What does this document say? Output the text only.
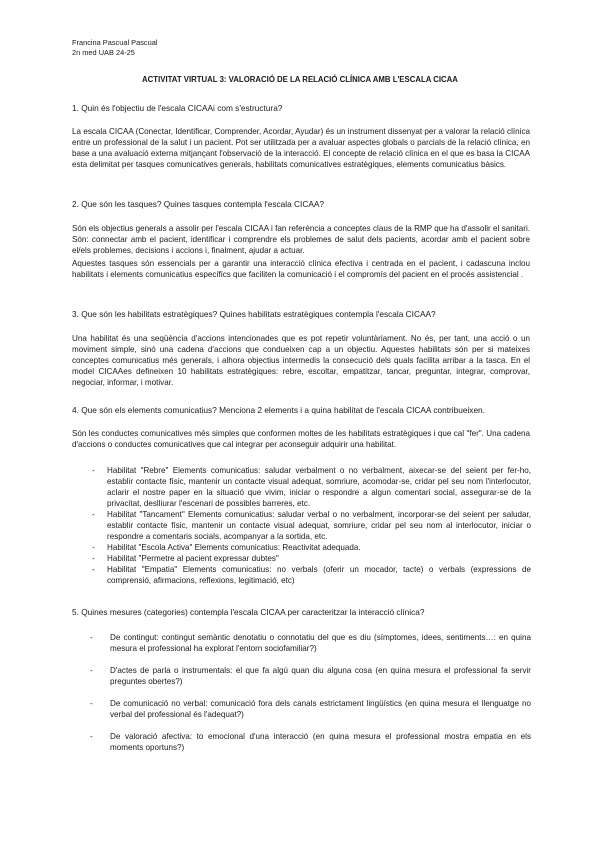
Francina Pascual Pascual
2n med UAB 24-25
ACTIVITAT VIRTUAL 3: VALORACIÓ DE LA RELACIÓ CLÍNICA AMB L'ESCALA CICAA
1. Quin és l'objectiu de l'escala CICAAi com s'estructura?
La escala CICAA (Conectar, Identificar, Comprender, Acordar, Ayudar) és un instrument dissenyat per a valorar la relació clínica entre un professional de la salut i un pacient. Pot ser utilitzada per a avaluar aspectes globals o parcials de la relació clínica, en base a una avaluació externa mitjançant l'observació de la interacció. El concepte de relació clínica en el que es basa la CICAA esta delimitat per tasques comunicatives generals, habilitats comunicatives estratègiques, elements comunicatius bàsics.
2. Que són les tasques? Quines tasques contempla l'escala CICAA?
Són els objectius generals a assolir per l'escala CICAA i fan referència a conceptes claus de la RMP que ha d'assolir el sanitari. Són: connectar amb el pacient, identificar i comprendre els problemes de salut dels pacients, acordar amb el pacient sobre el/els problemes, decisions i accions i, finalment, ajudar a actuar.
Aquestes tasques són essencials per a garantir una interacció clínica efectiva i centrada en el pacient, i cadascuna inclou habilitats i elements comunicatius específics que faciliten la comunicació i el compromís del pacient en el procés assistencial .
3. Que són les habilitats estratègiques? Quines habilitats estratègiques contempla l'escala CICAA?
Una habilitat és una seqüència d'accions intencionades que es pot repetir voluntàriament. No és, per tant, una acció o un moviment simple, sinó una cadena d'accions que condueixen cap a un objectiu. Aquestes habilitats són per si mateixes conceptes comunicatius més generals, i alhora objectius intermedis la consecució dels quals facilita arribar a la tasca. En el model CICAAes defineixen 10 habilitats estratègiques: rebre, escoltar, empatitzar, tancar, preguntar, integrar, comprovar, negociar, informar, i motivar.
4. Que són els elements comunicatius? Menciona 2 elements i a quina habilitat de l'escala CICAA contribueixen.
Són les conductes comunicatives més simples que conformen moltes de les habilitats estratègiques i que cal "fer". Una cadena d'accions o conductes comunicatives que cal integrar per aconseguir adquirir una habilitat.
- Habilitat "Rebre" Elements comunicatius: saludar verbalment o no verbalment, aixecar-se del seient per fer-ho, establir contacte físic, mantenir un contacte visual adequat, somriure, acomodar-se, cridar pel seu nom l'interlocutor, aclarir el nostre paper en la situació que vivim, iniciar o respondre a algun comentari social, assegurar-se de la privacitat, deslliurar l'escenari de possibles barreres, etc.
- Habilitat "Tancament" Elements comunicatius: saludar verbal o no verbalment, incorporar-se del seient per saludar, establir contacte físic, mantenir un contacte visual adequat, somriure, cridar pel seu nom al interlocutor, iniciar o respondre a comentaris socials, acompanyar a la sortida, etc.
- Habilitat "Escola Activa" Elements comunicatius: Reactivitat adequada.
- Habilitat "Permetre al pacient expressar dubtes"
- Habilitat "Empatia" Elements comunicatius: no verbals (oferir un mocador, tacte) o verbals (expressions de comprensió, afirmacions, reflexions, legitimació, etc)
5. Quines mesures (categories) contempla l'escala CICAA per caracteritzar la interacció clínica?
- De contingut: contingut semàntic denotatiu o connotatiu del que es diu (símptomes, idees, sentiments…: en quina mesura el professional ha explorat l'entorn sociofamiliar?)
- D'actes de parla o instrumentals: el que fa algú quan diu alguna cosa (en quina mesura el professional fa servir preguntes obertes?)
- De comunicació no verbal: comunicació fora dels canals estrictament lingüístics (en quina mesura el llenguatge no verbal del professional és l'adequat?)
- De valoració afectiva: to emocional d'una interacció (en quina mesura el professional mostra empatia en els moments oportuns?)
